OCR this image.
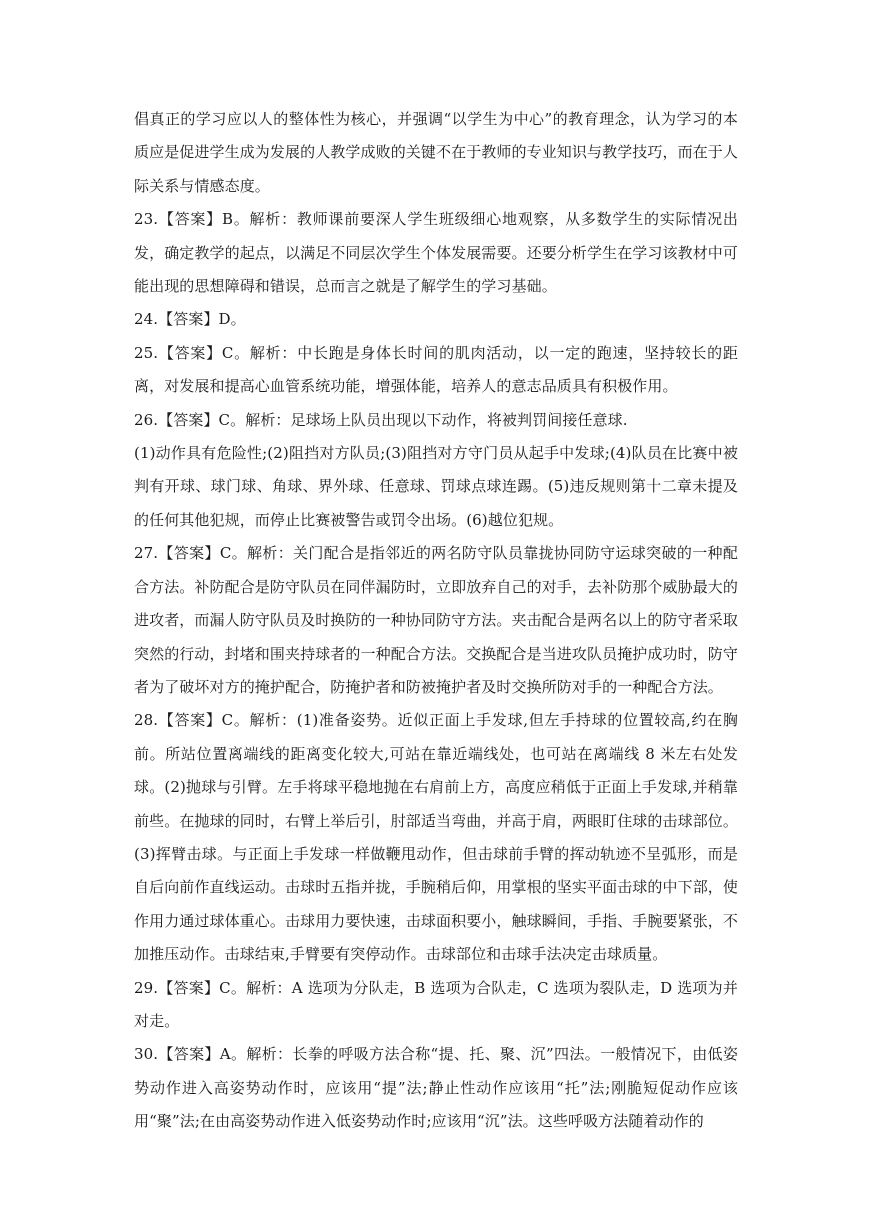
倡真正的学习应以人的整体性为核心，并强调“以学生为中心”的教育理念，认为学习的本质应是促进学生成为发展的人教学成败的关键不在于教师的专业知识与教学技巧，而在于人际关系与情感态度。

23.【答案】B。解析：教师课前要深人学生班级细心地观察，从多数学生的实际情况出发，确定教学的起点，以满足不同层次学生个体发展需要。还要分析学生在学习该教材中可能出现的思想障碍和错误，总而言之就是了解学生的学习基础。

24.【答案】D。

25.【答案】C。解析：中长跑是身体长时间的肌肉活动，以一定的跑速，坚持较长的距离，对发展和提高心血管系统功能，增强体能，培养人的意志品质具有积极作用。

26.【答案】C。解析：足球场上队员出现以下动作，将被判罚间接任意球.

(1)动作具有危险性;(2)阻挡对方队员;(3)阻挡对方守门员从起手中发球;(4)队员在比赛中被判有开球、球门球、角球、界外球、任意球、罚球点球连踢。(5)违反规则第十二章未提及的任何其他犯规，而停止比赛被警告或罚令出场。(6)越位犯规。

27.【答案】C。解析：关门配合是指邻近的两名防守队员靠拢协同防守运球突破的一种配合方法。补防配合是防守队员在同伴漏防时，立即放弃自己的对手，去补防那个威胁最大的进攻者，而漏人防守队员及时换防的一种协同防守方法。夹击配合是两名以上的防守者采取突然的行动，封堵和围夹持球者的一种配合方法。交换配合是当进攻队员掩护成功时，防守者为了破坏对方的掩护配合，防掩护者和防被掩护者及时交换所防对手的一种配合方法。

28.【答案】C。解析：(1)准备姿势。近似正面上手发球,但左手持球的位置较高,约在胸前。所站位置离端线的距离变化较大,可站在靠近端线处，也可站在离端线 8 米左右处发球。(2)抛球与引臂。左手将球平稳地抛在右肩前上方，高度应稍低于正面上手发球,并稍靠前些。在抛球的同时，右臂上举后引，肘部适当弯曲，并高于肩，两眼盯住球的击球部位。(3)挥臂击球。与正面上手发球一样做鞭甩动作，但击球前手臂的挥动轨迹不呈弧形，而是自后向前作直线运动。击球时五指并拢，手腕稍后仰，用掌根的坚实平面击球的中下部，使作用力通过球体重心。击球用力要快速，击球面积要小，触球瞬间，手指、手腕要紧张，不加推压动作。击球结束,手臂要有突停动作。击球部位和击球手法决定击球质量。

29.【答案】C。解析：A 选项为分队走，B 选项为合队走，C 选项为裂队走，D 选项为并对走。

30.【答案】A。解析：长拳的呼吸方法合称“提、托、聚、沉”四法。一般情况下，由低姿势动作进入高姿势动作时，应该用“提”法;静止性动作应该用“托”法;刚脆短促动作应该用“聚”法;在由高姿势动作进入低姿势动作时;应该用“沉”法。这些呼吸方法随着动作的
